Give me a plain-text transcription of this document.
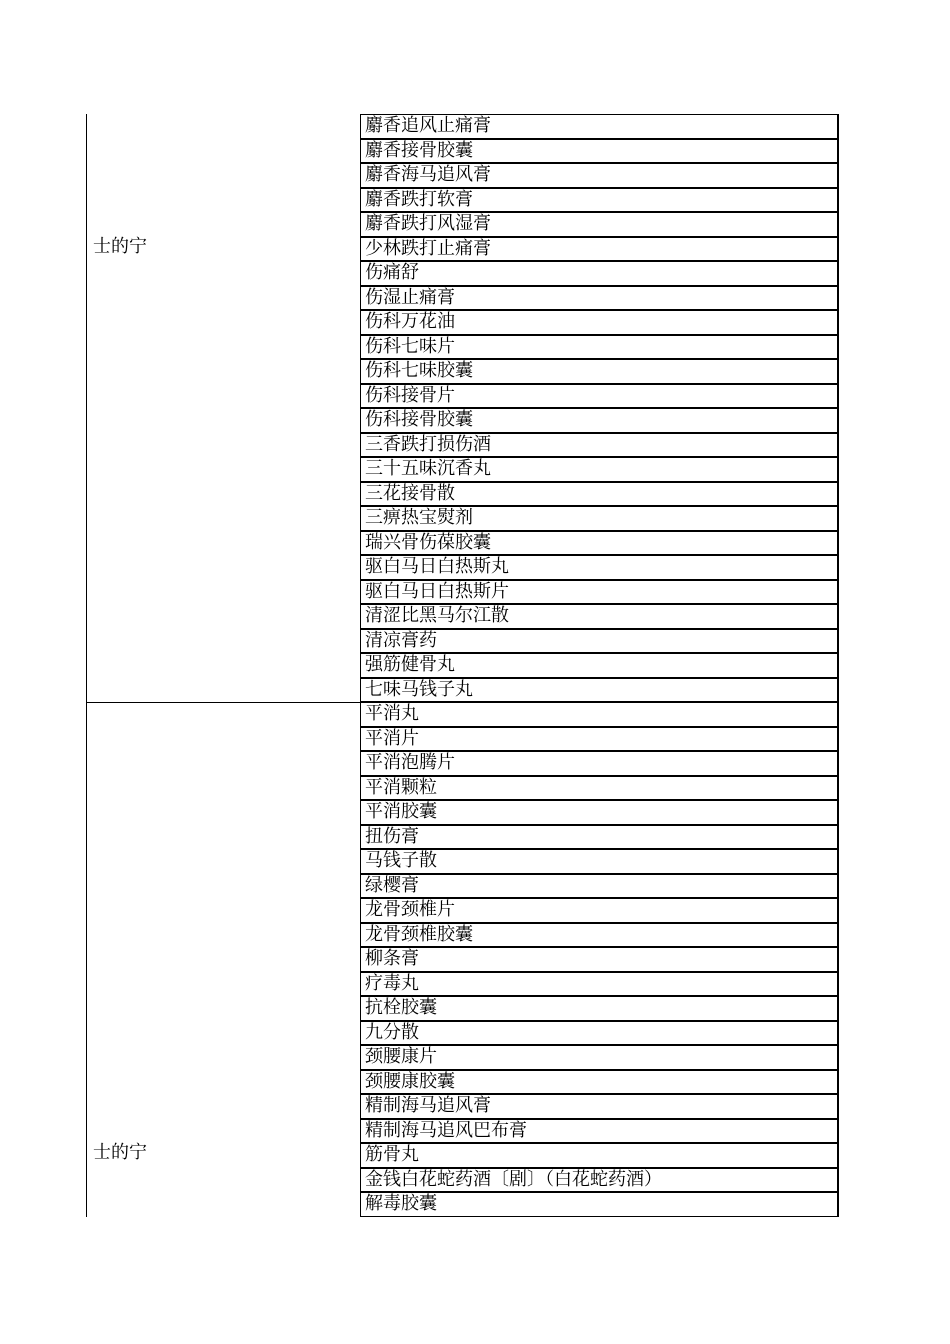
士的宁
麝香追风止痛膏
麝香接骨胶囊
麝香海马追风膏
麝香跌打软膏
麝香跌打风湿膏
少林跌打止痛膏
伤痛舒
伤湿止痛膏
伤科万花油
伤科七味片
伤科七味胶囊
伤科接骨片
伤科接骨胶囊
三香跌打损伤酒
三十五味沉香丸
三花接骨散
三痹热宝熨剂
瑞兴骨伤葆胶囊
驱白马日白热斯丸
驱白马日白热斯片
清涩比黑马尔江散
清凉膏药
强筋健骨丸
七味马钱子丸
士的宁
平消丸
平消片
平消泡腾片
平消颗粒
平消胶囊
扭伤膏
马钱子散
绿樱膏
龙骨颈椎片
龙骨颈椎胶囊
柳条膏
疗毒丸
抗栓胶囊
九分散
颈腰康片
颈腰康胶囊
精制海马追风膏
精制海马追风巴布膏
筋骨丸
金钱白花蛇药酒〔剧〕（白花蛇药酒）
解毒胶囊
